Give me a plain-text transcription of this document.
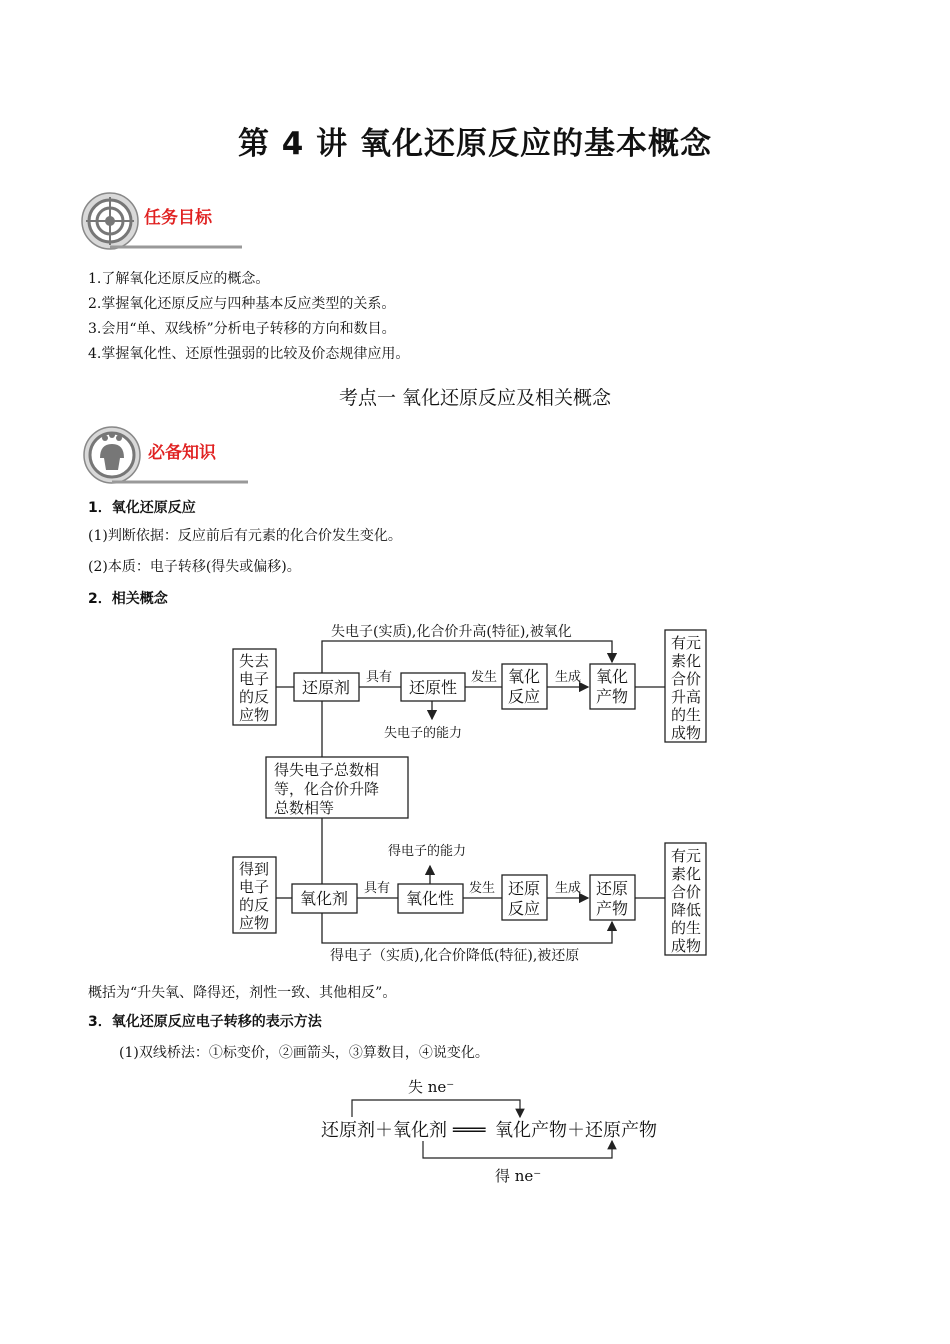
第 4 讲 氧化还原反应的基本概念
任务目标
1.了解氧化还原反应的概念。
2.掌握氧化还原反应与四种基本反应类型的关系。
3.会用“单、双线桥”分析电子转移的方向和数目。
4.掌握氧化性、还原性强弱的比较及价态规律应用。
考点一 氧化还原反应及相关概念
必备知识
1．氧化还原反应
(1)判断依据：反应前后有元素的化合价发生变化。
(2)本质：电子转移(得失或偏移)。
2．相关概念
失电子(实质),化合价升高(特征),被氧化
失去
电子
的反
应物
还原剂
具有
还原性
发生 氧化
反应
生成 氧化
产物
有元
素化
合价
升高
的生
成物
失电子的能力
得失电子总数相
等，化合价升降
总数相等
得电子的能力
得到
电子
的反
应物
氧化剂
具有
氧化性
发生 还原
反应
生成 还原
产物
有元
素化
合价
降低
的生
成物
得电子（实质),化合价降低(特征),被还原
失 ne⁻
还原剂＋氧化剂 ═══ 氧化产物＋还原产物
得 ne⁻
概括为“升失氧、降得还，剂性一致、其他相反”。
3．氧化还原反应电子转移的表示方法
(1)双线桥法：①标变价，②画箭头，③算数目，④说变化。
